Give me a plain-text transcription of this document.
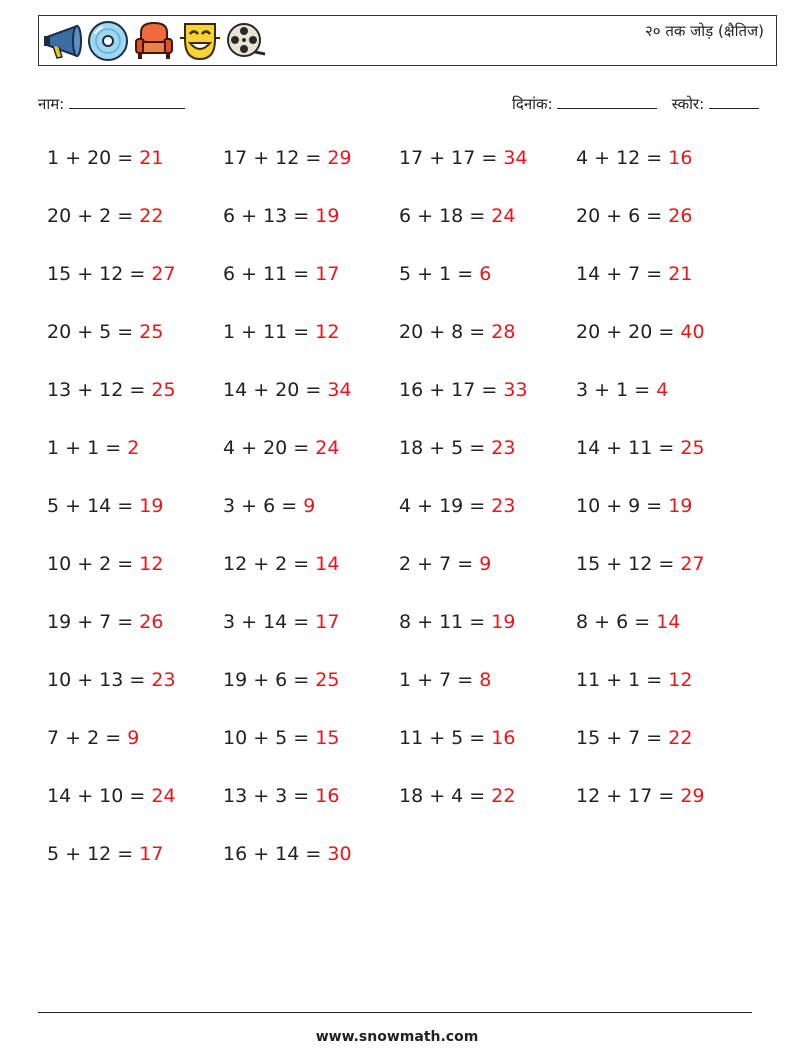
२० तक जोड़ (क्षैतिज)
नाम:	दिनांक:	स्कोर:
1 + 20 = 21	17 + 12 = 29 17 + 17 = 34	4 + 12 = 16
20 + 2 = 22	6 + 13 = 19	6 + 18 = 24	20 + 6 = 26
15 + 12 = 27 6 + 11 = 17	5 + 1 = 6	14 + 7 = 21
20 + 5 = 25	1 + 11 = 12	20 + 8 = 28	20 + 20 = 40
13 + 12 = 25 14 + 20 = 34 16 + 17 = 33	3 + 1 = 4
1 + 1 = 2	4 + 20 = 24	18 + 5 = 23	14 + 11 = 25
5 + 14 = 19	3 + 6 = 9	4 + 19 = 23	10 + 9 = 19
10 + 2 = 12	12 + 2 = 14	2 + 7 = 9	15 + 12 = 27
19 + 7 = 26	3 + 14 = 17	8 + 11 = 19	8 + 6 = 14
10 + 13 = 23 19 + 6 = 25	1 + 7 = 8	11 + 1 = 12
7 + 2 = 9	10 + 5 = 15	11 + 5 = 16	15 + 7 = 22
14 + 10 = 24 13 + 3 = 16	18 + 4 = 22	12 + 17 = 29
5 + 12 = 17	16 + 14 = 30
www.snowmath.com
